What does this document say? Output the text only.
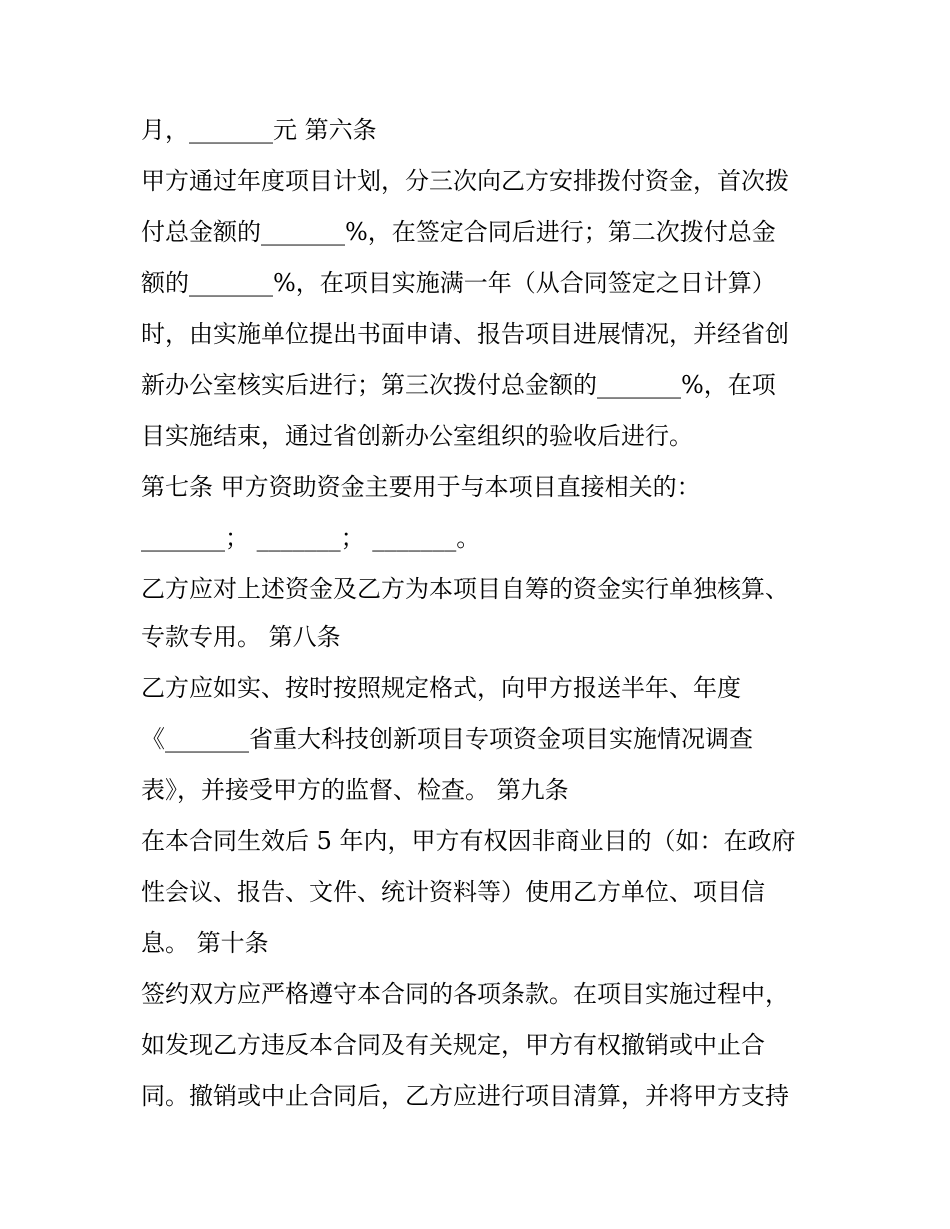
月，_______元 第六条
甲方通过年度项目计划，分三次向乙方安排拨付资金，首次拨
付总金额的_______%，在签定合同后进行；第二次拨付总金
额的_______%，在项目实施满一年（从合同签定之日计算）
时，由实施单位提出书面申请、报告项目进展情况，并经省创
新办公室核实后进行；第三次拨付总金额的_______%，在项
目实施结束，通过省创新办公室组织的验收后进行。
第七条 甲方资助资金主要用于与本项目直接相关的：
_______； _______； _______。
乙方应对上述资金及乙方为本项目自筹的资金实行单独核算、
专款专用。 第八条
乙方应如实、按时按照规定格式，向甲方报送半年、年度
《_______省重大科技创新项目专项资金项目实施情况调查
表》，并接受甲方的监督、检查。 第九条
在本合同生效后 5 年内，甲方有权因非商业目的（如：在政府
性会议、报告、文件、统计资料等）使用乙方单位、项目信
息。 第十条
签约双方应严格遵守本合同的各项条款。在项目实施过程中，
如发现乙方违反本合同及有关规定，甲方有权撤销或中止合
同。撤销或中止合同后，乙方应进行项目清算，并将甲方支持
